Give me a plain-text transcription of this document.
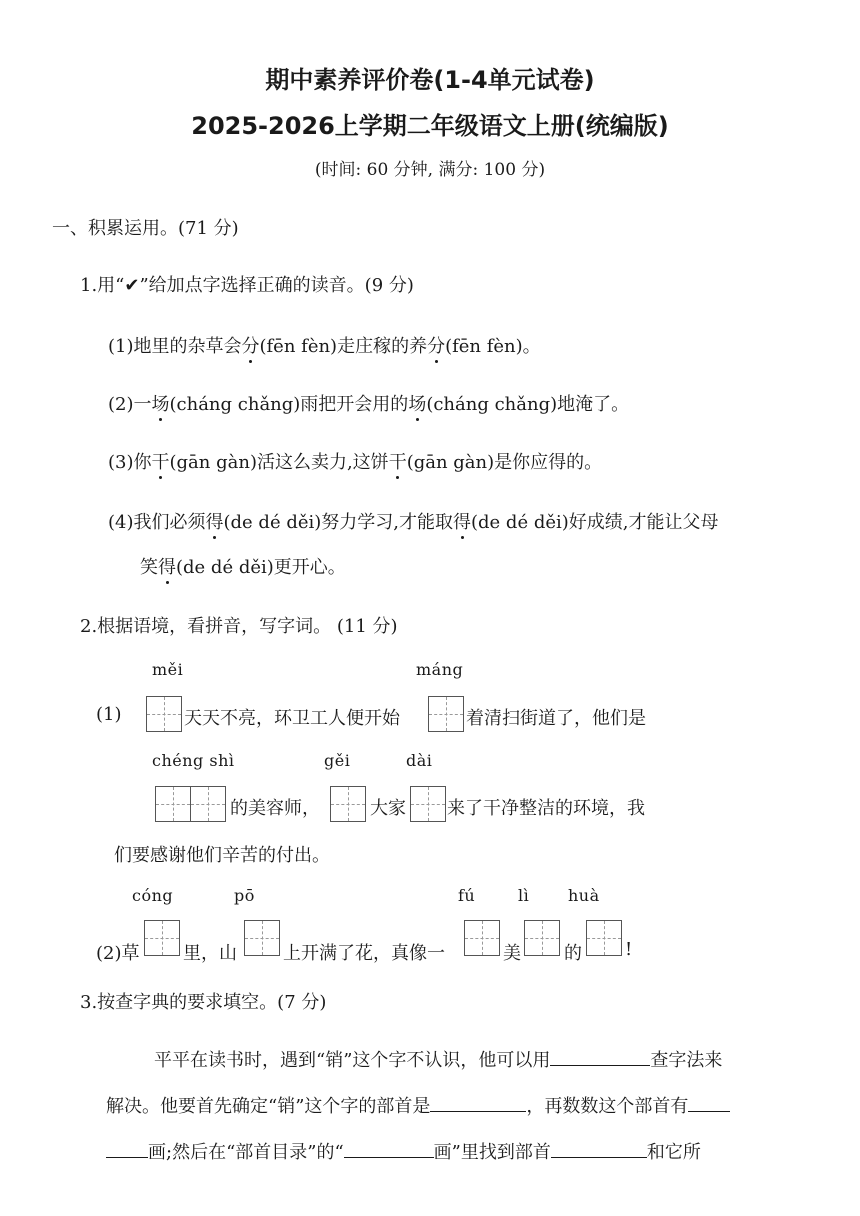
期中素养评价卷(1-4单元试卷)
2025-2026上学期二年级语文上册(统编版)
(时间: 60 分钟, 满分: 100 分)
一、积累运用。(71 分)
1.用“✔”给加点字选择正确的读音。(9 分)
(1)地里的杂草会分(fēn fèn)走庄稼的养分(fēn fèn)。
(2)一场(cháng chǎng)雨把开会用的场(cháng chǎng)地淹了。
(3)你干(gān gàn)活这么卖力,这饼干(gān gàn)是你应得的。
(4)我们必须得(de dé děi)努力学习,才能取得(de dé děi)好成绩,才能让父母
笑得(de dé děi)更开心。
2.根据语境，看拼音，写字词。 (11 分)
měi	máng
(1)	天天不亮，环卫工人便开始	着清扫街道了，他们是
chéng shì	gěi	dài
的美容师，	大家 来了干净整洁的环境，我
们要感谢他们辛苦的付出。
cóng	pō	fú	lì huà
(2)草 里，山	上开满了花，真像一	美 的 !
3.按查字典的要求填空。(7 分)
平平在读书时，遇到“销”这个字不认识，他可以用	查字法来
解决。他要首先确定“销”这个字的部首是	，再数数这个部首有
画;然后在“部首目录”的“	画”里找到部首	和它所
